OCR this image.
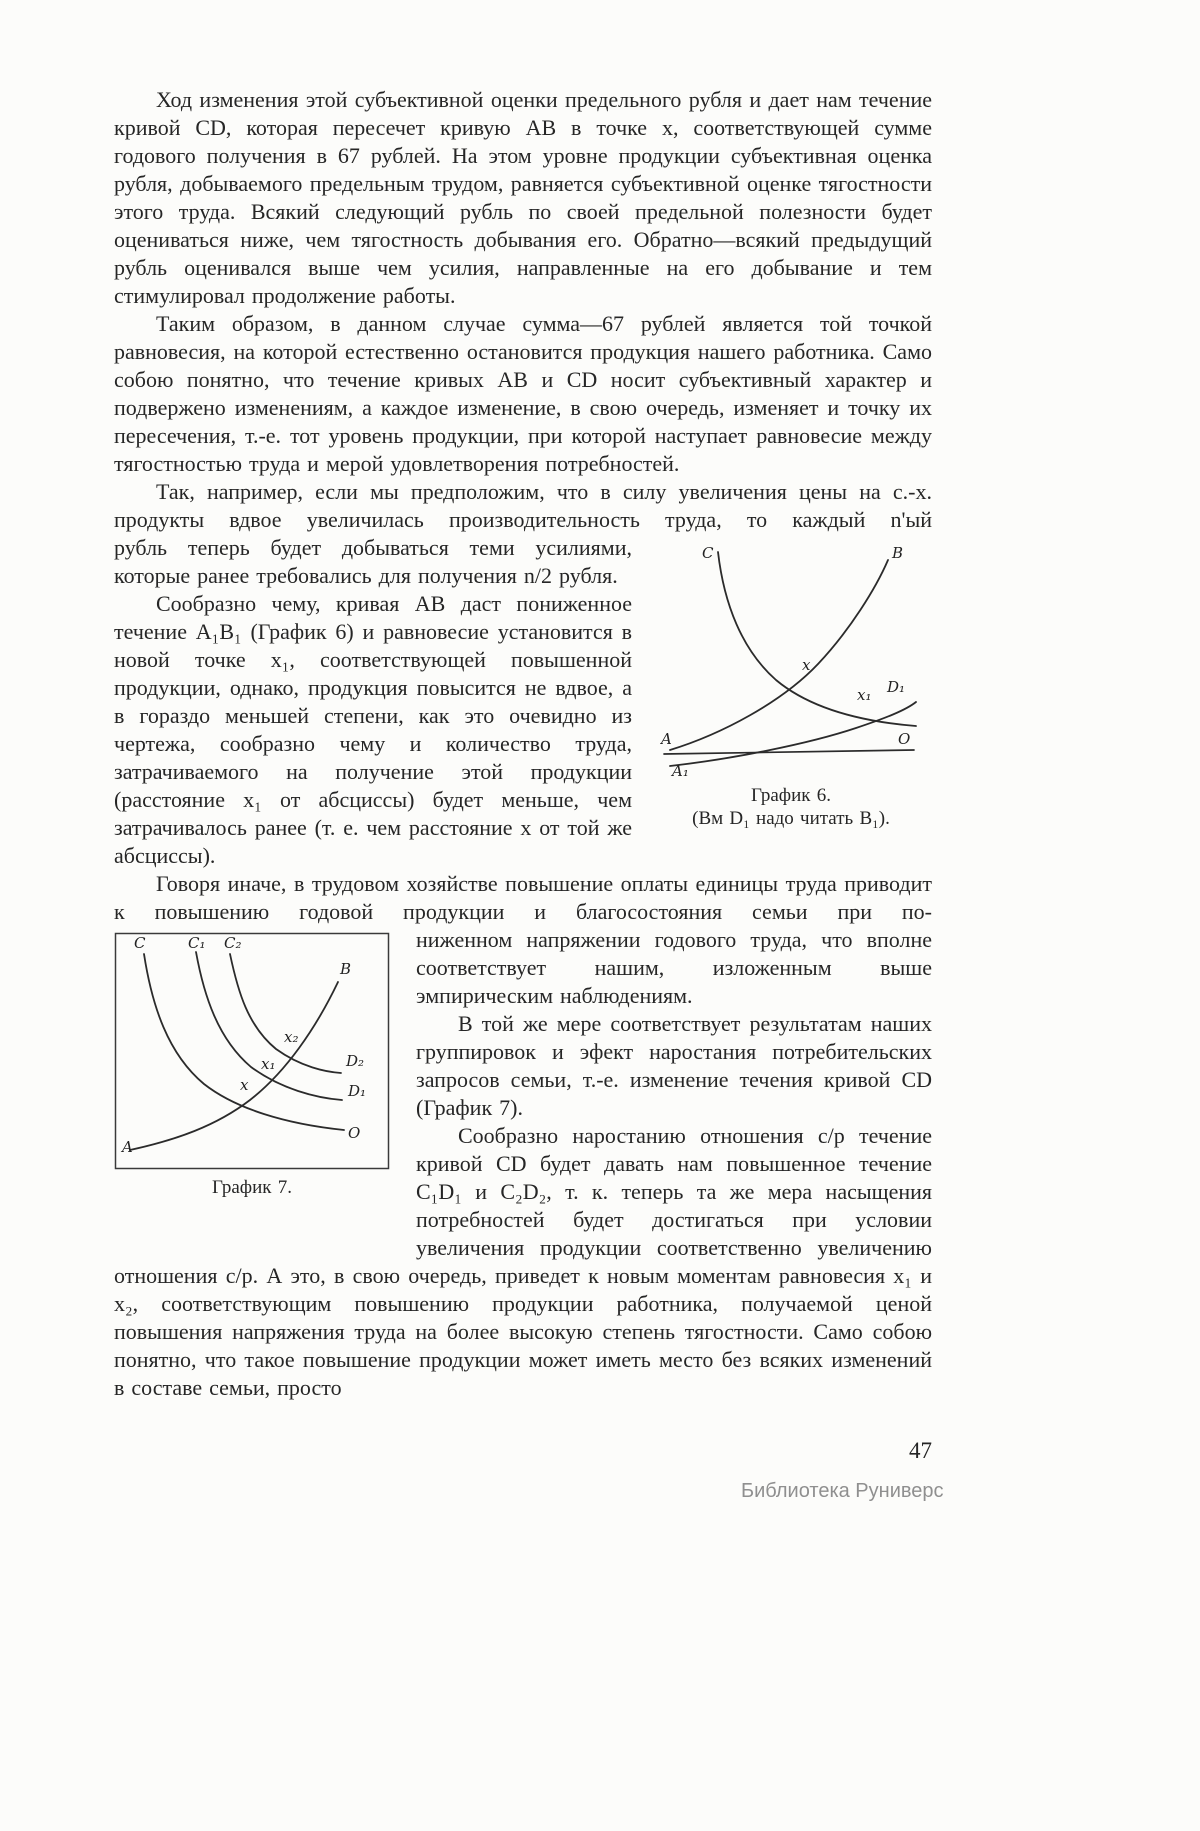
Ход изменения этой субъективной оценки предельного рубля и дает нам течение кривой CD, которая пересечет кривую AB в точке x, соответствующей сумме годового получения в 67 рублей. На этом уровне продукции субъективная оценка рубля, добываемого предельным трудом, равняется субъективной оценке тягостности этого труда. Всякий следующий рубль по своей предельной полезности будет оцениваться ниже, чем тягостность добывания его. Обратно—всякий предыдущий рубль оценивался выше чем усилия, направленные на его добывание и тем стимулировал продолжение работы.

Таким образом, в данном случае сумма—67 рублей является той точкой равновесия, на которой естественно остановится продукция нашего работника. Само собою понятно, что течение кривых AB и CD носит субъективный характер и подвержено изменениям, а каждое изменение, в свою очередь, изменяет и точку их пересечения, т.-е. тот уровень продукции, при которой наступает равновесие между тягостностью труда и мерой удовлетворения потребностей.

Так, например, если мы предположим, что в силу увеличения цены на с.-х. продукты вдвое увеличилась производительность труда, то каждый n'ый

C	B
x
x₁ D₁
O
A
A₁
График 6.
(Вм D₁ надо читать B₁).

рубль теперь будет добываться теми усилиями, которые ранее требовались для получения n/2 рубля.

Сообразно чему, кривая AB даст пониженное течение A₁B₁ (График 6) и равновесие установится в новой точке x₁, соответствующей повышенной продукции, однако, продукция повысится не вдвое, а в гораздо меньшей степени, как это очевидно из чертежа, сообразно чему и количество труда, затрачиваемого на получение этой продукции (расстояние x₁ от абсциссы) будет меньше, чем затрачивалось ранее (т. е. чем расстояние x от той же абсциссы).

Говоря иначе, в трудовом хозяйстве повышение оплаты единицы труда приводит к повышению годовой продукции и благосостояния семьи при по-

C	C₁ C₂
B
x₂
x₁
x
D₂
D₁
O
A
График 7.

ниженном напряжении годового труда, что вполне соответствует нашим, изложенным выше эмпирическим наблюдениям.

В той же мере соответствует результатам наших группировок и эфект наростания потребительских запросов семьи, т.-е. изменение течения кривой CD (График 7).

Сообразно наростанию отношения c/p течение кривой CD будет давать нам повышенное течение C₁D₁ и C₂D₂, т. к. теперь та же мера насыщения потребностей будет достигаться при условии увеличения продукции соответственно увеличению отношения c/p. А это, в свою очередь, приведет к новым моментам равновесия x₁ и x₂, соответствующим повышению продукции работника, получаемой ценой повышения напряжения труда на более высокую степень тягостности. Само собою понятно, что такое повышение продукции может иметь место без всяких изменений в составе семьи, просто

47
Библиотека Руниверс
